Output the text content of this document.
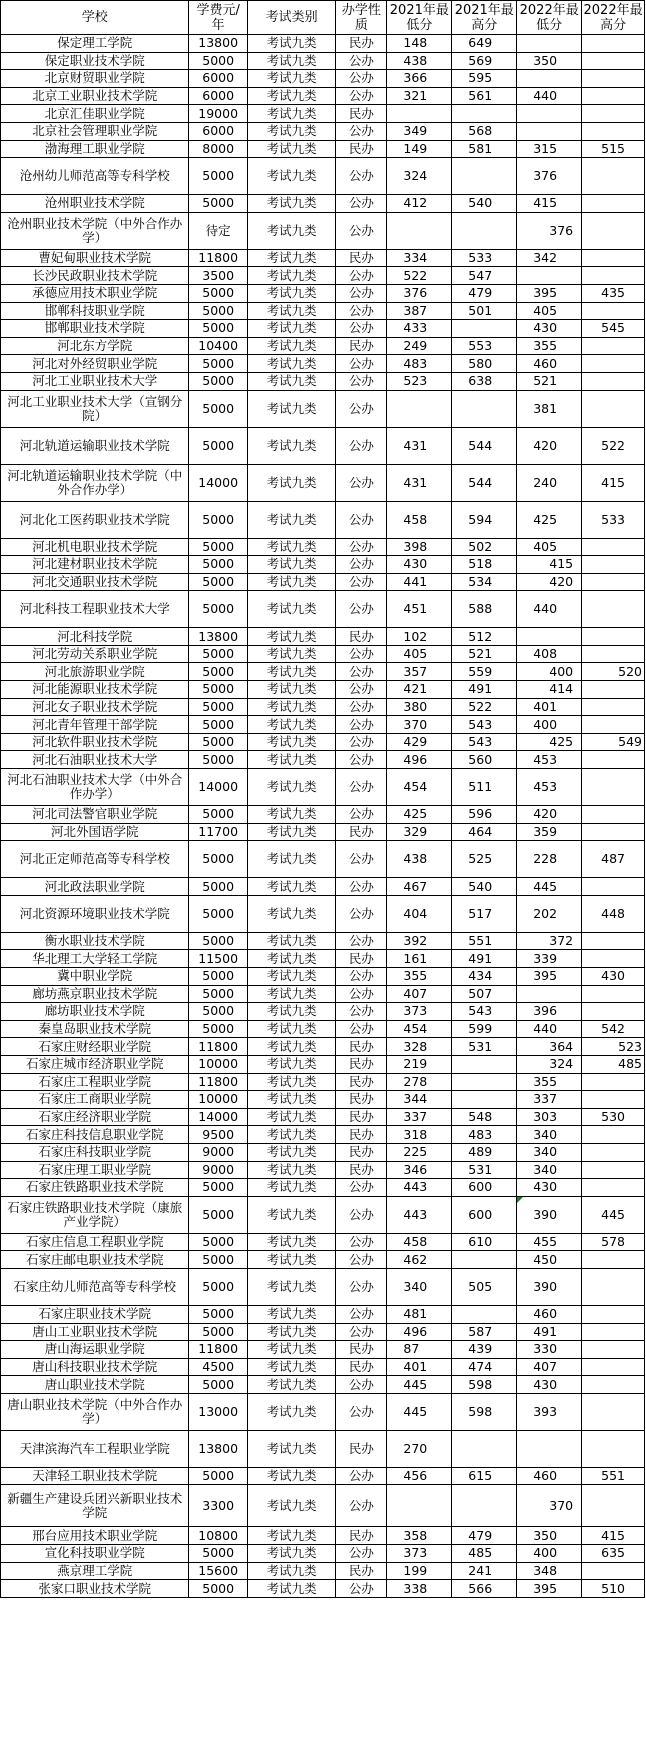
学校	学费元/年	考试类别	办学性质	2021年最低分	2021年最高分	2022年最低分	2022年最高分
保定理工学院	13800	考试九类	民办	148	649		
保定职业技术学院	5000	考试九类	公办	438	569	350	
北京财贸职业学院	6000	考试九类	公办	366	595		
北京工业职业技术学院	6000	考试九类	公办	321	561	440	
北京汇佳职业学院	19000	考试九类	民办				
北京社会管理职业学院	6000	考试九类	公办	349	568		
渤海理工职业学院	8000	考试九类	民办	149	581	315	515
沧州幼儿师范高等专科学校	5000	考试九类	公办	324		376	
沧州职业技术学院	5000	考试九类	公办	412	540	415	
沧州职业技术学院（中外合作办学）	待定	考试九类	公办			376	
曹妃甸职业技术学院	11800	考试九类	民办	334	533	342	
长沙民政职业技术学院	3500	考试九类	公办	522	547		
承德应用技术职业学院	5000	考试九类	公办	376	479	395	435
邯郸科技职业学院	5000	考试九类	公办	387	501	405	
邯郸职业技术学院	5000	考试九类	公办	433		430	545
河北东方学院	10400	考试九类	民办	249	553	355	
河北对外经贸职业学院	5000	考试九类	公办	483	580	460	
河北工业职业技术大学	5000	考试九类	公办	523	638	521	
河北工业职业技术大学（宣钢分院）	5000	考试九类	公办			381	
河北轨道运输职业技术学院	5000	考试九类	公办	431	544	420	522
河北轨道运输职业技术学院（中外合作办学）	14000	考试九类	公办	431	544	240	415
河北化工医药职业技术学院	5000	考试九类	公办	458	594	425	533
河北机电职业技术学院	5000	考试九类	公办	398	502	405	
河北建材职业技术学院	5000	考试九类	公办	430	518	415	
河北交通职业技术学院	5000	考试九类	公办	441	534	420	
河北科技工程职业技术大学	5000	考试九类	公办	451	588	440	
河北科技学院	13800	考试九类	民办	102	512		
河北劳动关系职业学院	5000	考试九类	公办	405	521	408	
河北旅游职业学院	5000	考试九类	公办	357	559	400	520
河北能源职业技术学院	5000	考试九类	公办	421	491	414	
河北女子职业技术学院	5000	考试九类	公办	380	522	401	
河北青年管理干部学院	5000	考试九类	公办	370	543	400	
河北软件职业技术学院	5000	考试九类	公办	429	543	425	549
河北石油职业技术大学	5000	考试九类	公办	496	560	453	
河北石油职业技术大学（中外合作办学）	14000	考试九类	公办	454	511	453	
河北司法警官职业学院	5000	考试九类	公办	425	596	420	
河北外国语学院	11700	考试九类	民办	329	464	359	
河北正定师范高等专科学校	5000	考试九类	公办	438	525	228	487
河北政法职业学院	5000	考试九类	公办	467	540	445	
河北资源环境职业技术学院	5000	考试九类	公办	404	517	202	448
衡水职业技术学院	5000	考试九类	公办	392	551	372	
华北理工大学轻工学院	11500	考试九类	民办	161	491	339	
冀中职业学院	5000	考试九类	公办	355	434	395	430
廊坊燕京职业技术学院	5000	考试九类	公办	407	507		
廊坊职业技术学院	5000	考试九类	公办	373	543	396	
秦皇岛职业技术学院	5000	考试九类	公办	454	599	440	542
石家庄财经职业学院	11800	考试九类	民办	328	531	364	523
石家庄城市经济职业学院	10000	考试九类	民办	219		324	485
石家庄工程职业学院	11800	考试九类	民办	278		355	
石家庄工商职业学院	10000	考试九类	民办	344		337	
石家庄经济职业学院	14000	考试九类	民办	337	548	303	530
石家庄科技信息职业学院	9500	考试九类	民办	318	483	340	
石家庄科技职业学院	9000	考试九类	民办	225	489	340	
石家庄理工职业学院	9000	考试九类	民办	346	531	340	
石家庄铁路职业技术学院	5000	考试九类	公办	443	600	430	
石家庄铁路职业技术学院（康旅产业学院）	5000	考试九类	公办	443	600	390	445
石家庄信息工程职业学院	5000	考试九类	公办	458	610	455	578
石家庄邮电职业技术学院	5000	考试九类	公办	462		450	
石家庄幼儿师范高等专科学校	5000	考试九类	公办	340	505	390	
石家庄职业技术学院	5000	考试九类	公办	481		460	
唐山工业职业技术学院	5000	考试九类	公办	496	587	491	
唐山海运职业学院	11800	考试九类	民办	87	439	330	
唐山科技职业技术学院	4500	考试九类	民办	401	474	407	
唐山职业技术学院	5000	考试九类	公办	445	598	430	
唐山职业技术学院（中外合作办学）	13000	考试九类	公办	445	598	393	
天津滨海汽车工程职业学院	13800	考试九类	民办	270			
天津轻工职业技术学院	5000	考试九类	公办	456	615	460	551
新疆生产建设兵团兴新职业技术学院	3300	考试九类	公办			370	
邢台应用技术职业学院	10800	考试九类	民办	358	479	350	415
宣化科技职业学院	5000	考试九类	公办	373	485	400	635
燕京理工学院	15600	考试九类	民办	199	241	348	
张家口职业技术学院	5000	考试九类	公办	338	566	395	510
